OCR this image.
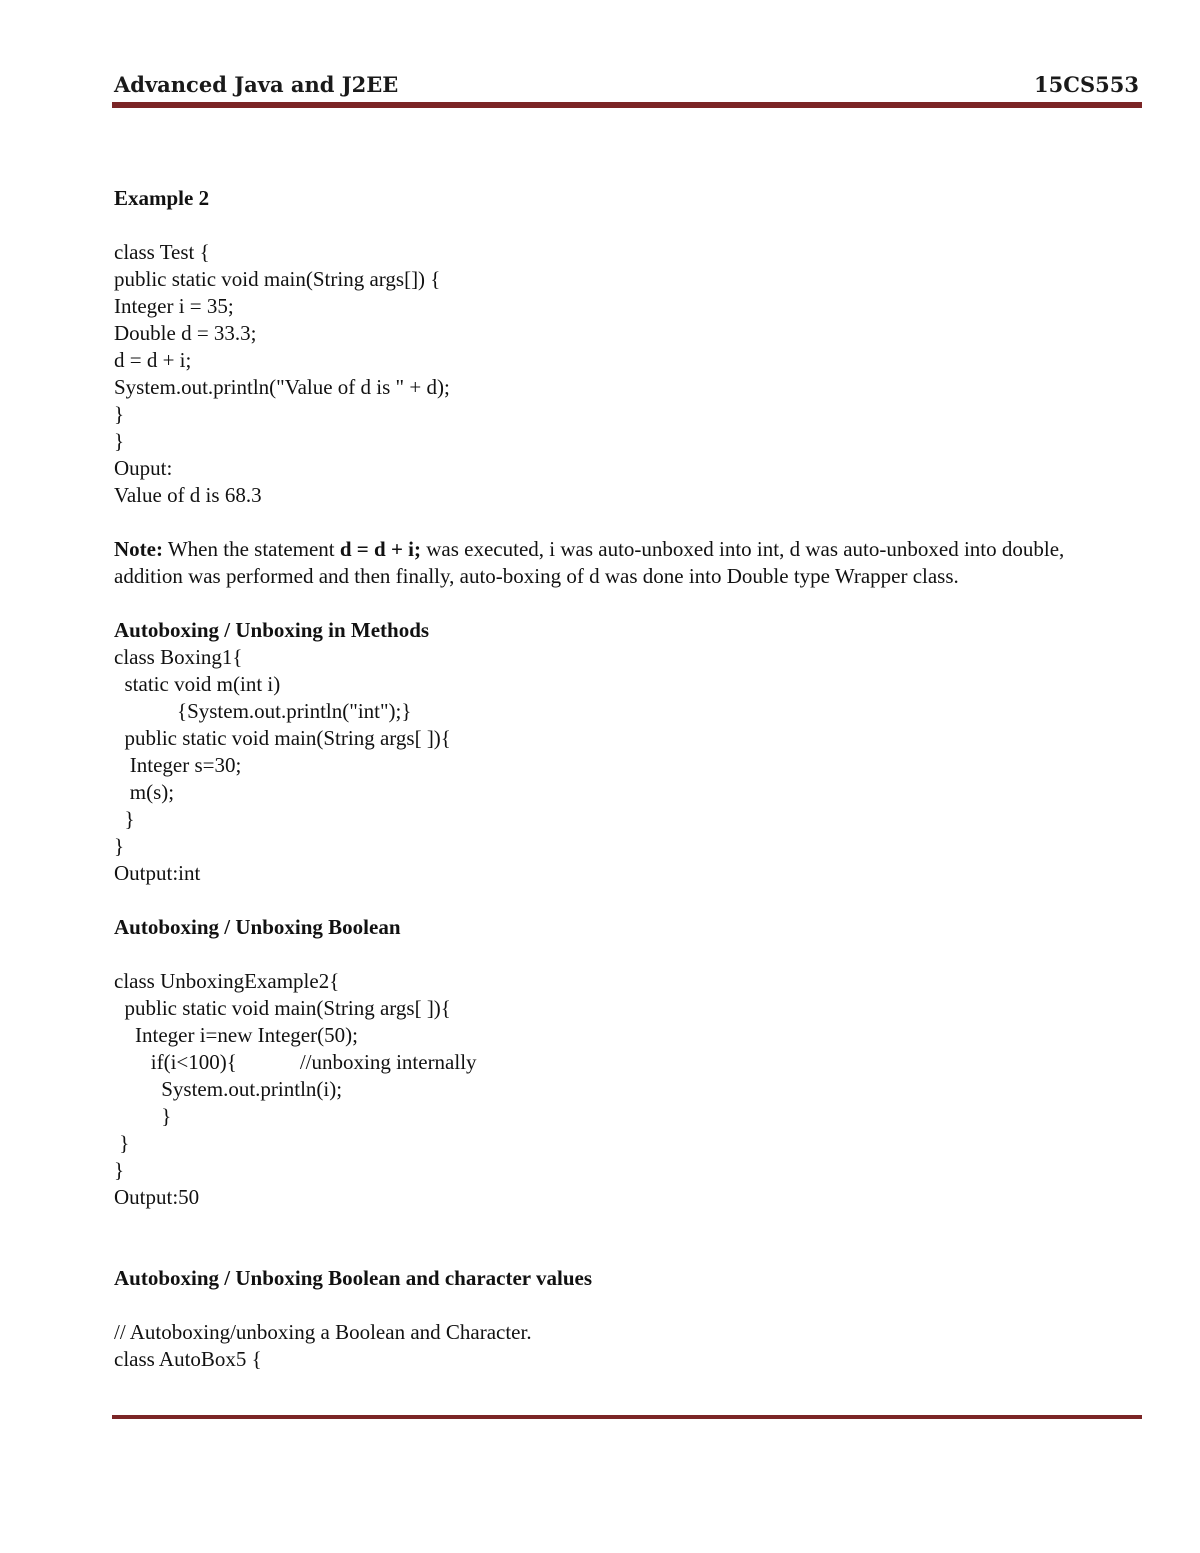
Advanced Java and J2EE	15CS553
Example 2
class Test {
public static void main(String args[]) {
Integer i = 35;
Double d = 33.3;
d = d + i;
System.out.println("Value of d is " + d);
}
}
Ouput:
Value of d is 68.3
Note: When the statement d = d + i; was executed, i was auto-unboxed into int, d was auto-unboxed into double, addition was performed and then finally, auto-boxing of d was done into Double type Wrapper class.
Autoboxing / Unboxing in Methods
class Boxing1{
static void m(int i)
{System.out.println("int");}
public static void main(String args[ ]){
Integer s=30;
m(s);
}
}
Output:int
Autoboxing / Unboxing Boolean
class UnboxingExample2{
public static void main(String args[ ]){
Integer i=new Integer(50);
if(i<100){            //unboxing internally
System.out.println(i);
}
}
}
Output:50
Autoboxing / Unboxing Boolean and character values
// Autoboxing/unboxing a Boolean and Character.
class AutoBox5 {
